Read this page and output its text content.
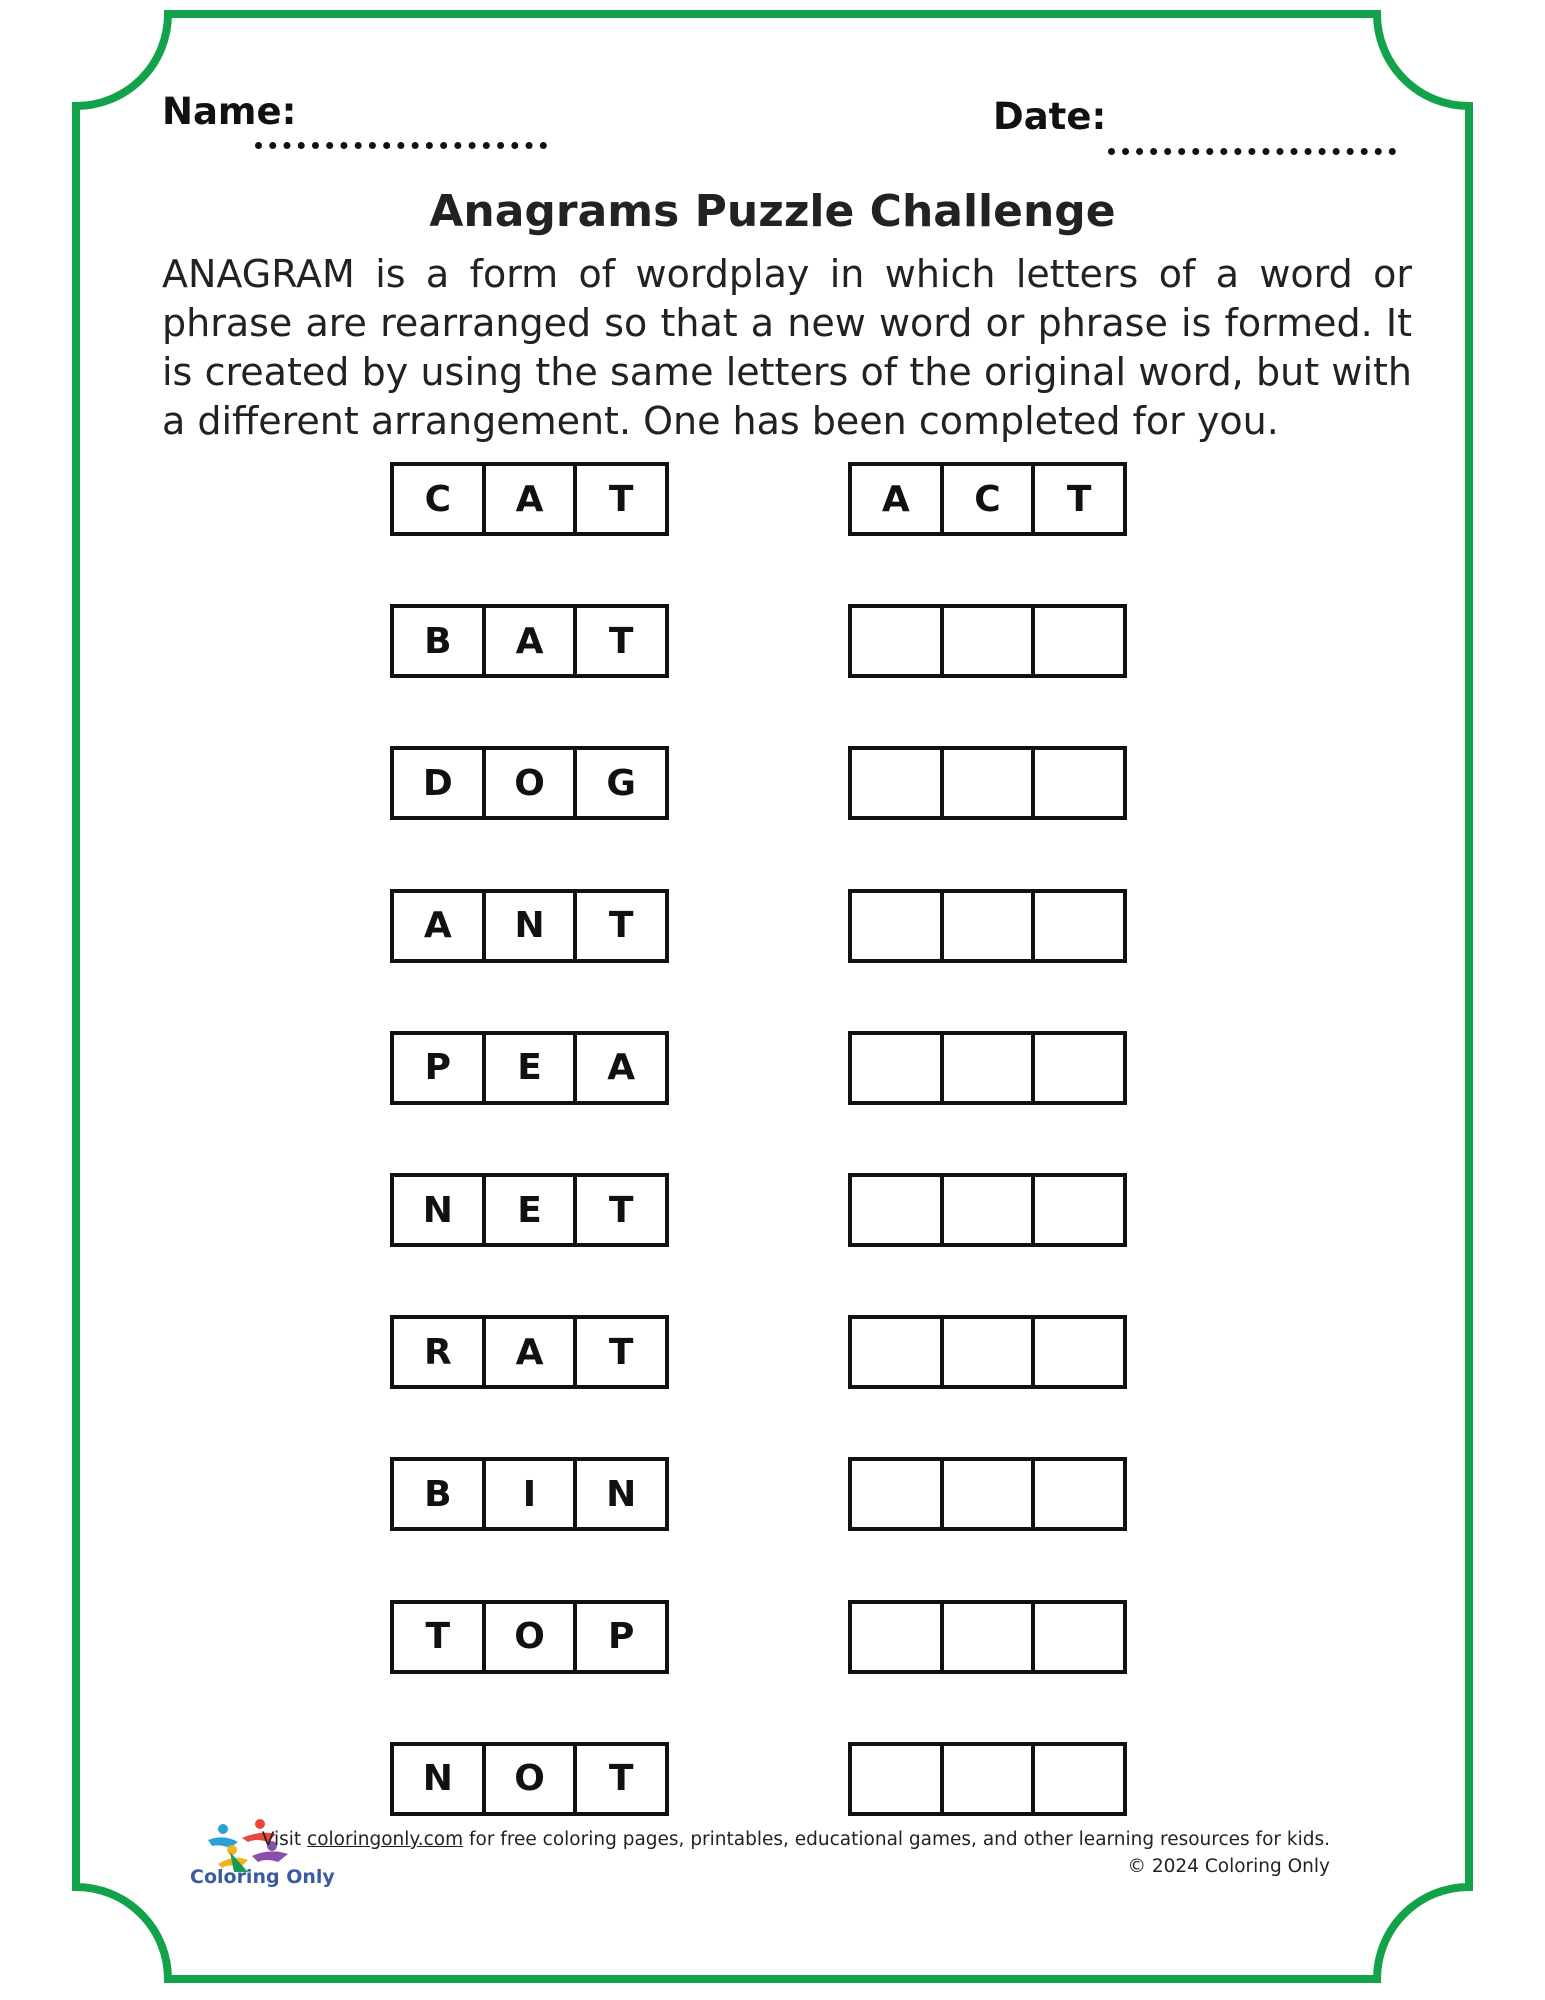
Name:	Date:
Anagrams Puzzle Challenge
ANAGRAM is a form of wordplay in which letters of a word or phrase are rearranged so that a new word or phrase is formed. It is created by using the same letters of the original word, but with a different arrangement. One has been completed for you.
C	A	T	A	C	T
B	A	T
D	O	G
A	N	T
P	E	A
N	E	T
R	A	T
B	I	N
T	O	P
N	O	T
Coloring Only
Visit coloringonly.com for free coloring pages, printables, educational games, and other learning resources for kids.
© 2024 Coloring Only
